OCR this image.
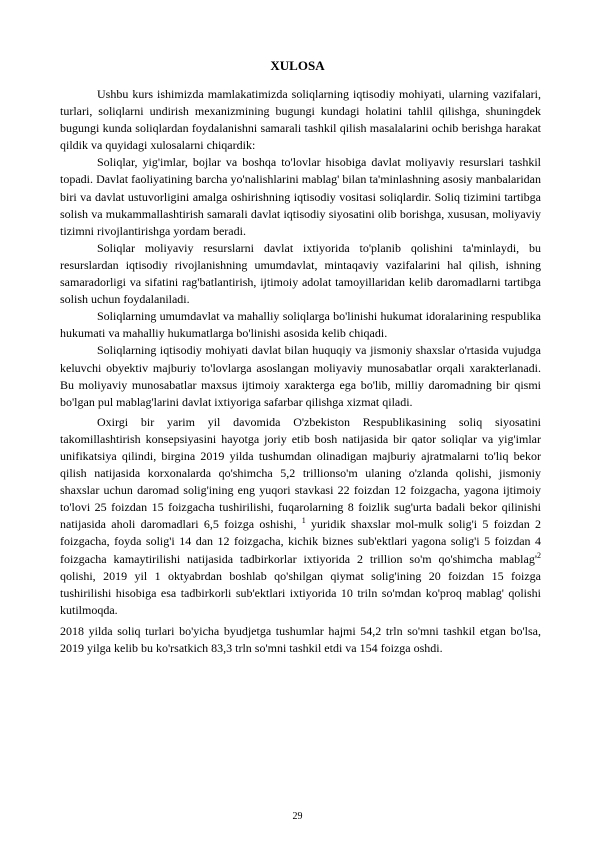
XULOSA

Ushbu kurs ishimizda mamlakatimizda soliqlarning iqtisodiy mohiyati, ularning vazifalari, turlari, soliqlarni undirish mexanizmining bugungi kundagi holatini tahlil qilishga, shuningdek bugungi kunda soliqlardan foydalanishni samarali tashkil qilish masalalarini ochib berishga harakat qildik va quyidagi xulosalarni chiqardik:

Soliqlar, yig'imlar, bojlar va boshqa to'lovlar hisobiga davlat moliyaviy resurslari tashkil topadi. Davlat faoliyatining barcha yo'nalishlarini mablag' bilan ta'minlashning asosiy manbalaridan biri va davlat ustuvorligini amalga oshirishning iqtisodiy vositasi soliqlardir. Soliq tizimini tartibga solish va mukammallashtirish samarali davlat iqtisodiy siyosatini olib borishga, xususan, moliyaviy tizimni rivojlantirishga yordam beradi.

Soliqlar moliyaviy resurslarni davlat ixtiyorida to'planib qolishini ta'minlaydi, bu resurslardan iqtisodiy rivojlanishning umumdavlat, mintaqaviy vazifalarini hal qilish, ishning samaradorligi va sifatini rag'batlantirish, ijtimoiy adolat tamoyillaridan kelib daromadlarni tartibga solish uchun foydalaniladi.

Soliqlarning umumdavlat va mahalliy soliqlarga bo'linishi hukumat idoralarining respublika hukumati va mahalliy hukumatlarga bo'linishi asosida kelib chiqadi.

Soliqlarning iqtisodiy mohiyati davlat bilan huquqiy va jismoniy shaxslar o'rtasida vujudga keluvchi obyektiv majburiy to'lovlarga asoslangan moliyaviy munosabatlar orqali xarakterlanadi. Bu moliyaviy munosabatlar maxsus ijtimoiy xarakterga ega bo'lib, milliy daromadning bir qismi bo'lgan pul mablag'larini davlat ixtiyoriga safarbar qilishga xizmat qiladi.

Oxirgi bir yarim yil davomida O'zbekiston Respublikasining soliq siyosatini takomillashtirish konsepsiyasini hayotga joriy etib bosh natijasida bir qator soliqlar va yig'imlar unifikatsiya qilindi, birgina 2019 yilda tushumdan olinadigan majburiy ajratmalarni to'liq bekor qilish natijasida korxonalarda qo'shimcha 5,2 trillionso'm ulaning o'zlanda qolishi, jismoniy shaxslar uchun daromad solig'ining eng yuqori stavkasi 22 foizdan 12 foizgacha, yagona ijtimoiy to'lovi 25 foizdan 15 foizgacha tushirilishi, fuqarolarning 8 foizlik sug'urta badali bekor qilinishi natijasida aholi daromadlari 6,5 foizga oshishi, $^1$ yuridik shaxslar mol-mulk solig'i 5 foizdan 2 foizgacha, foyda solig'i 14 dan 12 foizgacha, kichik biznes sub'ektlari yagona solig'i 5 foizdan 4 foizgacha kamaytirilishi natijasida tadbirkorlar ixtiyorida 2 trillion so'm qo'shimcha $mablag'^2$ qolishi, 2019 yil 1 oktyabrdan boshlab qo'shilgan qiymat solig'ining 20 foizdan 15 foizga tushirilishi hisobiga esa tadbirkorli sub'ektlari ixtiyorida 10 triln so'mdan ko'proq mablag' qolishi kutilmoqda.

2018 yilda soliq turlari bo'yicha byudjetga tushumlar hajmi 54,2 trln so'mni tashkil etgan bo'lsa, 2019 yilga kelib bu ko'rsatkich 83,3 trln so'mni tashkil etdi va 154 foizga oshdi.

29
